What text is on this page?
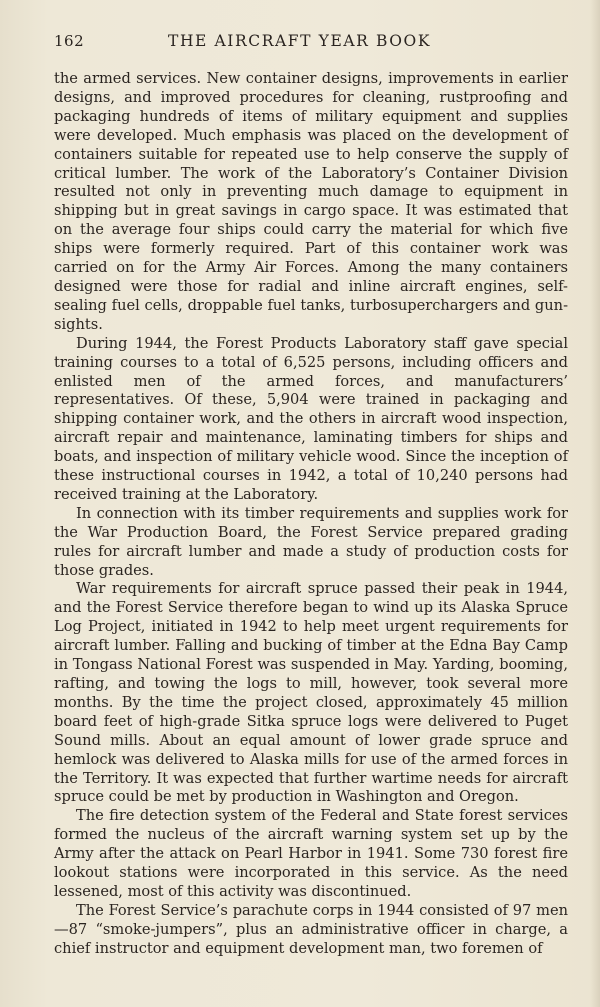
162	THE AIRCRAFT YEAR BOOK

the armed services. New container designs, improvements in earlier designs, and improved procedures for cleaning, rustproofing and packaging hundreds of items of military equipment and supplies were developed. Much emphasis was placed on the development of containers suitable for repeated use to help conserve the supply of critical lumber. The work of the Laboratory’s Container Division resulted not only in preventing much damage to equipment in shipping but in great savings in cargo space. It was estimated that on the average four ships could carry the material for which five ships were formerly required. Part of this container work was carried on for the Army Air Forces. Among the many containers designed were those for radial and inline aircraft engines, self-sealing fuel cells, droppable fuel tanks, turbosuperchargers and gun-sights.

During 1944, the Forest Products Laboratory staff gave special training courses to a total of 6,525 persons, including officers and enlisted men of the armed forces, and manufacturers’ representatives. Of these, 5,904 were trained in packaging and shipping container work, and the others in aircraft wood inspection, aircraft repair and maintenance, laminating timbers for ships and boats, and inspection of military vehicle wood. Since the inception of these instructional courses in 1942, a total of 10,240 persons had received training at the Laboratory.

In connection with its timber requirements and supplies work for the War Production Board, the Forest Service prepared grading rules for aircraft lumber and made a study of production costs for those grades.

War requirements for aircraft spruce passed their peak in 1944, and the Forest Service therefore began to wind up its Alaska Spruce Log Project, initiated in 1942 to help meet urgent requirements for aircraft lumber. Falling and bucking of timber at the Edna Bay Camp in Tongass National Forest was suspended in May. Yarding, booming, rafting, and towing the logs to mill, however, took several more months. By the time the project closed, approximately 45 million board feet of high-grade Sitka spruce logs were delivered to Puget Sound mills. About an equal amount of lower grade spruce and hemlock was delivered to Alaska mills for use of the armed forces in the Territory. It was expected that further wartime needs for aircraft spruce could be met by production in Washington and Oregon.

The fire detection system of the Federal and State forest services formed the nucleus of the aircraft warning system set up by the Army after the attack on Pearl Harbor in 1941. Some 730 forest fire lookout stations were incorporated in this service. As the need lessened, most of this activity was discontinued.

The Forest Service’s parachute corps in 1944 consisted of 97 men—87 “smoke-jumpers”, plus an administrative officer in charge, a chief instructor and equipment development man, two foremen of
